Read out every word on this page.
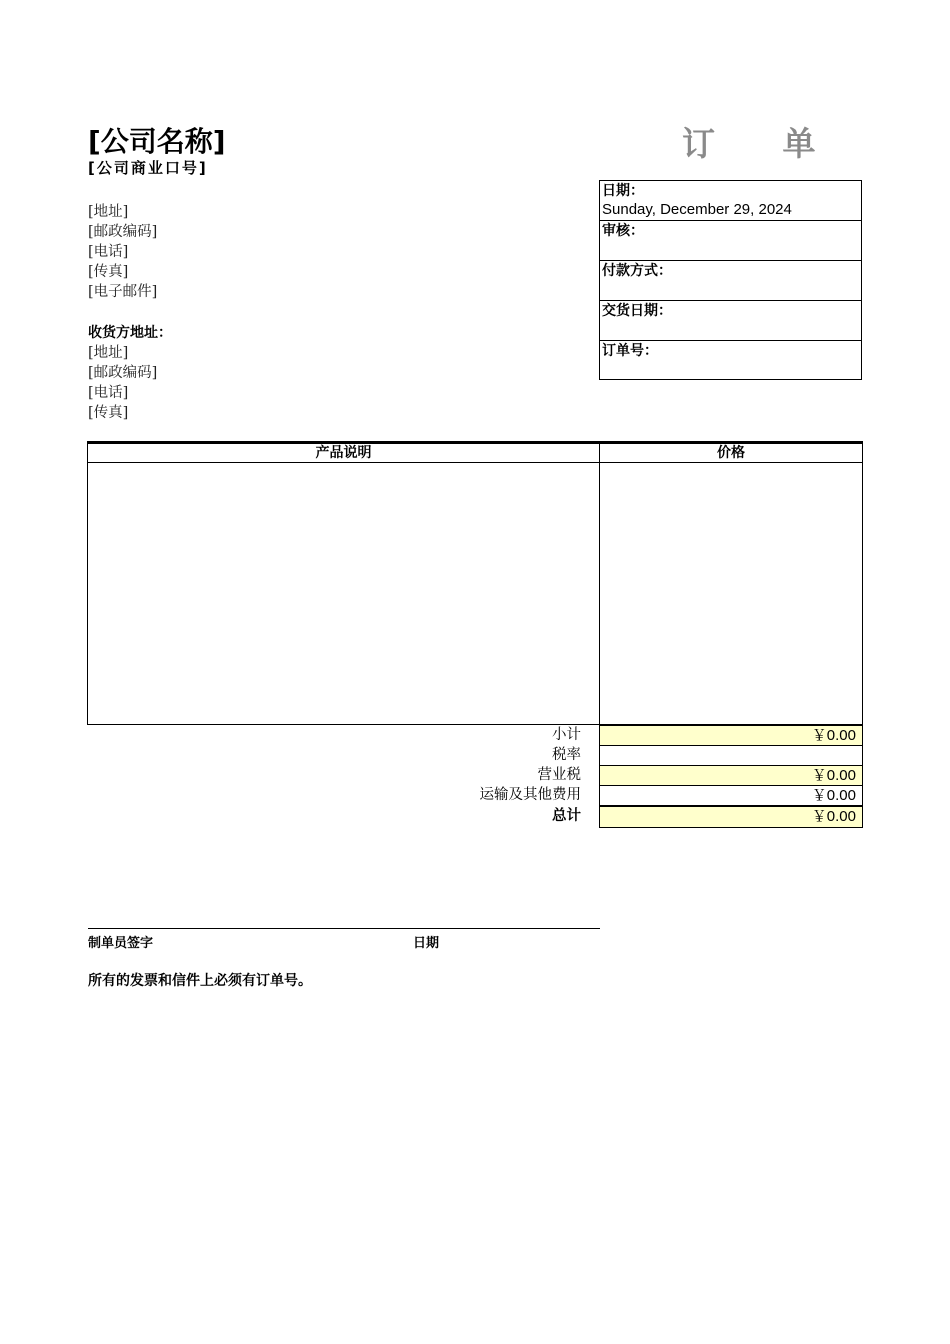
[公司名称]
[公司商业口号]
订 单
[地址]
[邮政编码]
[电话]
[传真]
[电子邮件]
收货方地址：
[地址]
[邮政编码]
[电话]
[传真]
日期：
Sunday, December 29, 2024
审核：
付款方式：
交货日期：
订单号：
产品说明	价格
小计	￥0.00
税率
营业税	￥0.00
运输及其他费用	￥0.00
总计	￥0.00
制单员签字	日期
所有的发票和信件上必须有订单号。
